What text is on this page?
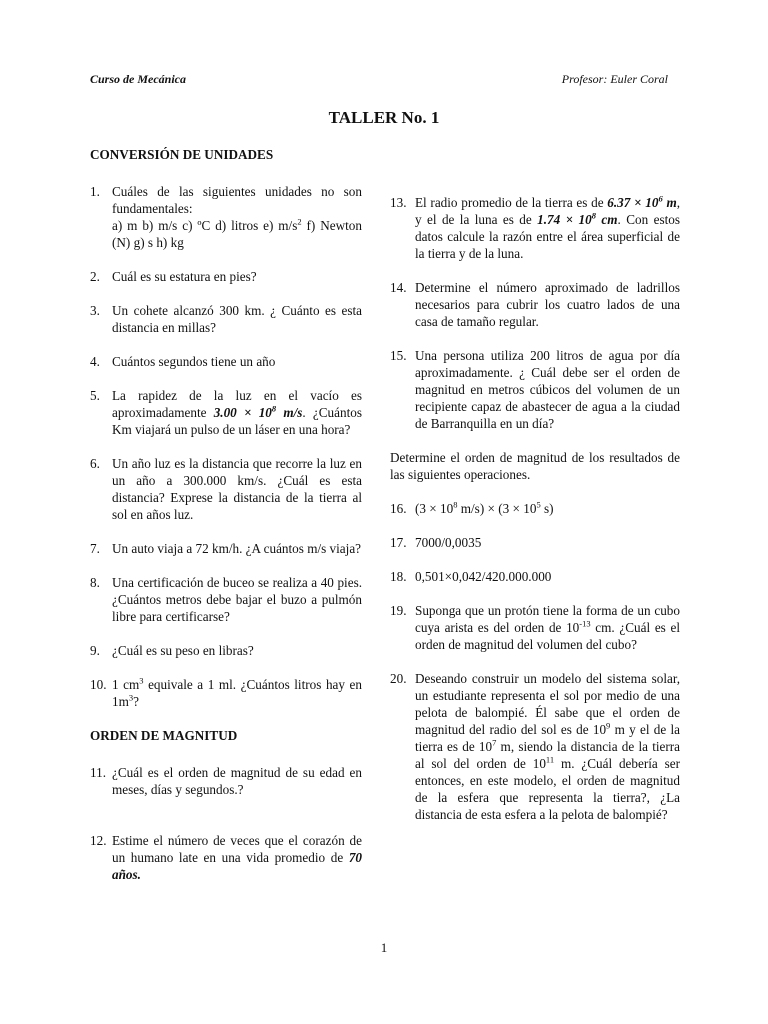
Curso de Mecánica	Profesor: Euler Coral
TALLER No. 1
CONVERSIÓN DE UNIDADES
1. Cuáles de las siguientes unidades no son fundamentales:
a) m b) m/s c) ºC d) litros e) $m/s^2$ f) Newton (N) g) s h) kg
2. Cuál es su estatura en pies?
3. Un cohete alcanzó 300 km. ¿ Cuánto es esta distancia en millas?
4. Cuántos segundos tiene un año
5. La rapidez de la luz en el vacío es aproximadamente $3.00 \times 10^8$ m/s. ¿Cuántos Km viajará un pulso de un láser en una hora?
6. Un año luz es la distancia que recorre la luz en un año a 300.000 km/s. ¿Cuál es esta distancia? Exprese la distancia de la tierra al sol en años luz.
7. Un auto viaja a 72 km/h. ¿A cuántos m/s viaja?
8. Una certificación de buceo se realiza a 40 pies. ¿Cuántos metros debe bajar el buzo a pulmón libre para certificarse?
9. ¿Cuál es su peso en libras?
10. 1 $cm^3$ equivale a 1 ml. ¿Cuántos litros hay en $1m^3$?
ORDEN DE MAGNITUD
11. ¿Cuál es el orden de magnitud de su edad en meses, días y segundos.?
12. Estime el número de veces que el corazón de un humano late en una vida promedio de 70 años.
13. El radio promedio de la tierra es de $6.37 \times 10^6$ m, y el de la luna es de $1.74 \times 10^8$ cm. Con estos datos calcule la razón entre el área superficial de la tierra y de la luna.
14. Determine el número aproximado de ladrillos necesarios para cubrir los cuatro lados de una casa de tamaño regular.
15. Una persona utiliza 200 litros de agua por día aproximadamente. ¿ Cuál debe ser el orden de magnitud en metros cúbicos del volumen de un recipiente capaz de abastecer de agua a la ciudad de Barranquilla en un día?
Determine el orden de magnitud de los resultados de las siguientes operaciones.
16. ($3 \times 10^8$ $m/s) \times (3 \times 10^5$ s)
17. 7000/0,0035
18. 0,501×0,042/420.000.000
19. Suponga que un protón tiene la forma de un cubo cuya arista es del orden de $10^{-13}$ cm. ¿Cuál es el orden de magnitud del volumen del cubo?
20. Deseando construir un modelo del sistema solar, un estudiante representa el sol por medio de una pelota de balompié. Él sabe que el orden de magnitud del radio del sol es de $10^9$ m y el de la tierra es de $10^7$ m, siendo la distancia de la tierra al sol del orden de $10^{11}$ m. ¿Cuál debería ser entonces, en este modelo, el orden de magnitud de la esfera que representa la tierra?, ¿La distancia de esta esfera a la pelota de balompié?
1
